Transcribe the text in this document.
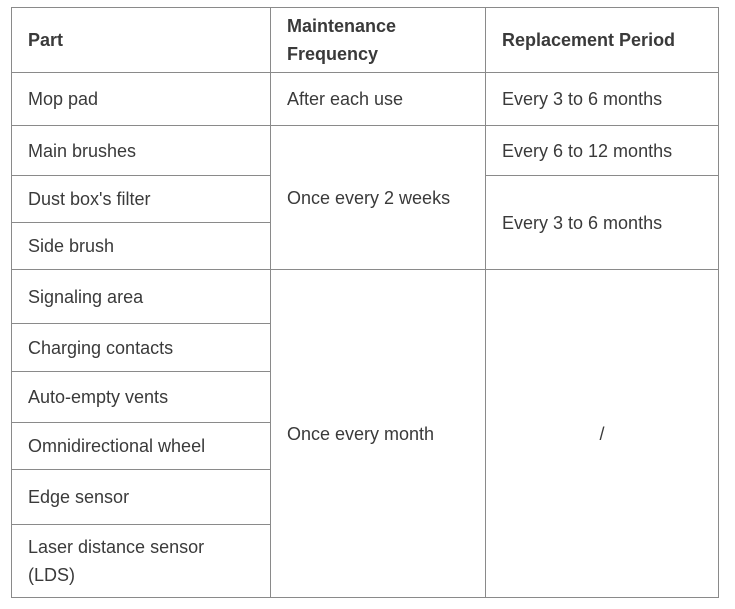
Part	Maintenance Frequency	Replacement Period
Mop pad	After each use	Every 3 to 6 months
Main brushes	Once every 2 weeks	Every 6 to 12 months
Dust box's filter		Every 3 to 6 months
Side brush		
Signaling area	Once every month	/
Charging contacts		
Auto-empty vents		
Omnidirectional wheel		
Edge sensor		
Laser distance sensor (LDS)		
